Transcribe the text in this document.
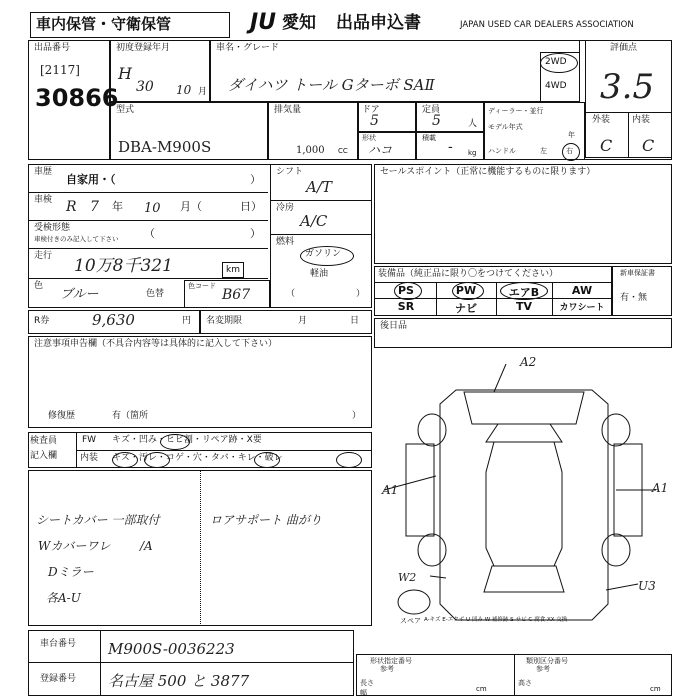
車内保管・守衛保管	JU 愛知 出品申込書	JAPAN USED CAR DEALERS ASSOCIATION
出品番号
[2117]
30866
初度登録年月
H
30 10 月
車名・グレード
ダイハツ トール Gターボ SAⅡ
2WD
4WD
評価点
3.5
外装 内装
C C
型式
DBA-M900S
排気量
1,000 CC
ドア
5
定員
5	人
形状
ハコ
積載
- kg
ディーラー・並行
モデル年式
年
ハンドル	左	右
車歴
自家用・（	）
車検 R 7 年 10 月（	日）
受検形態
車検付きのみ記入して下さい （	）
走行 10万8千321	km
色
ブルー	色替
色コード
B67
シフト
A/T
冷房
A/C
燃料
ガソリン
軽油
（	）
R券	9,630	円 名変期限	月	日
注意事項申告欄（不具合内容等は具体的に記入して下さい）
修復歴	有（箇所	）
検査員
記入欄
FW キズ・凹み・ヒビ割・リペア跡・X要
内装 キズ・汚レ・コゲ・穴・タバ・キレ・破レ
シートカバー 一部取付	ロアサポート 曲がり
Wカバーワレ
Dミラー
各A-U
/A
車台番号 M900S-0036223
登録番号 名古屋 500 と 3877
セールスポイント（正常に機能するものに限ります）
装備品（純正品に限り〇をつけてください）
PS	PW	エアB	AW
SR	ナビ	TV	カワシート
新車保証書
有・無
後日品
A2
A1	A1
W2
U3
スペア A-キズ E-エクボ U-凹み W-補修跡 S-サビ C-腐食 XX-交換
形状指定番号
参考
類別区分番号
参考
長さ
cm
幅
高さ
cm
